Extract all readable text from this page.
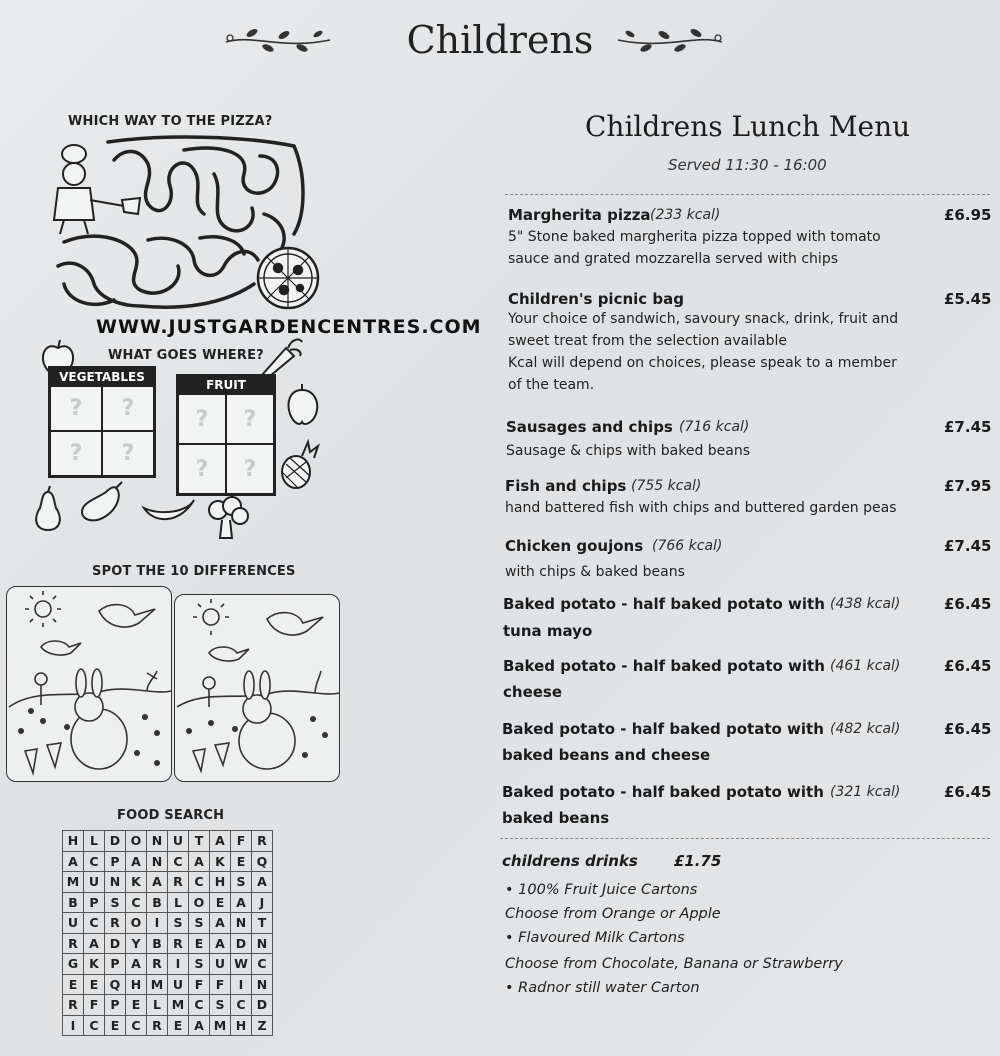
Childrens
WHICH WAY TO THE PIZZA?
WWW.JUSTGARDENCENTRES.COM
WHAT GOES WHERE?
VEGETABLES
?	?
?	?
FRUIT
?	?
?	?
SPOT THE 10 DIFFERENCES
FOOD SEARCH
H L D O N U T A F R
A C P A N C A K E Q
M U N K A R C H S A
B P S C B L O E A	J
U C R O	I	S S A N T
R A D Y B R E A D N
G K P A R	I	S U W C
E E Q H M U F F	I	N
R F P E	L M C S C D
I	C E C R E A M H Z
Childrens Lunch Menu
Served 11:30 - 16:00
Margherita pizza (233 kcal)	£6.95
5" Stone baked margherita pizza topped with tomato
sauce and grated mozzarella served with chips
Children's picnic bag	£5.45
Your choice of sandwich, savoury snack, drink, fruit and
sweet treat from the selection available
Kcal will depend on choices, please speak to a member
of the team.
Sausages and chips (716 kcal)	£7.45
Sausage & chips with baked beans
Fish and chips (755 kcal)	£7.95
hand battered fish with chips and buttered garden peas
Chicken goujons (766 kcal)	£7.45
with chips & baked beans
Baked potato - half baked potato with (438 kcal)	£6.45
tuna mayo
Baked potato - half baked potato with (461 kcal)	£6.45
cheese
Baked potato - half baked potato with (482 kcal)	£6.45
baked beans and cheese
Baked potato - half baked potato with (321 kcal)	£6.45
baked beans
childrens drinks £1.75
• 100% Fruit Juice Cartons
Choose from Orange or Apple
• Flavoured Milk Cartons
Choose from Chocolate, Banana or Strawberry
• Radnor still water Carton
